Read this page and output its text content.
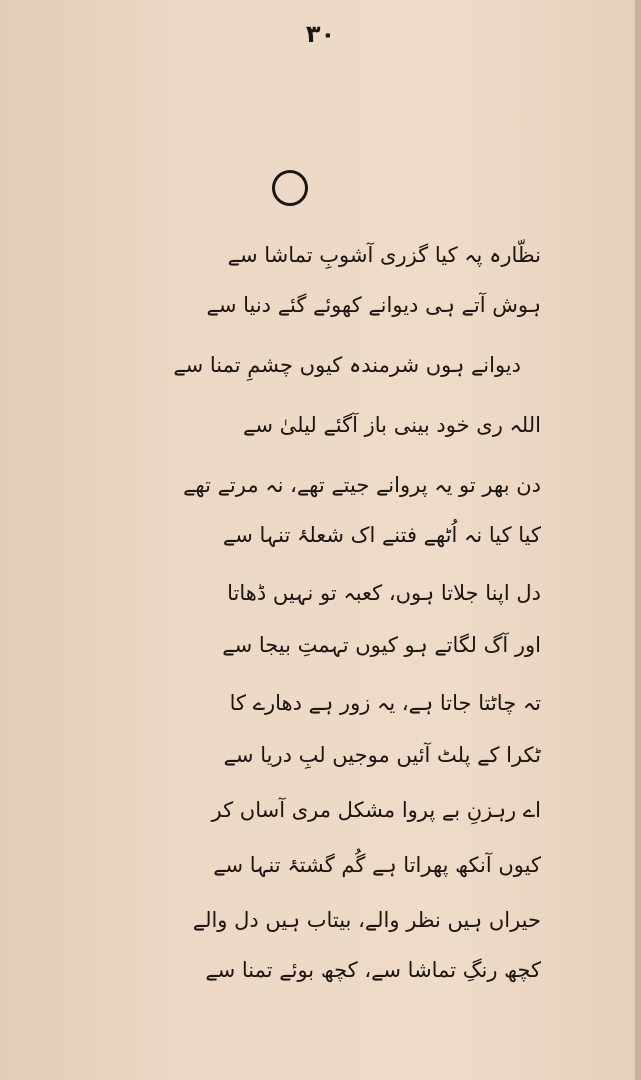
۳۰
نظّارہ پہ کیا گزری آشوبِ تماشا سے
ہوش آتے ہی دیوانے کھوئے گئے دنیا سے
دیوانے ہوں شرمندہ کیوں چشمِ تمنا سے
اللہ ری خود بینی باز آگئے لیلیٰ سے
دن بھر تو یہ پروانے جیتے تھے، نہ مرتے تھے
کیا کیا نہ اُٹھے فتنے اک شعلۂ تنہا سے
دل اپنا جلاتا ہوں، کعبہ تو نہیں ڈھاتا
اور آگ لگاتے ہو کیوں تہمتِ بیجا سے
تہ چاٹتا جاتا ہے، یہ زور ہے دھارے کا
ٹکرا کے پلٹ آئیں موجیں لبِ دریا سے
اے رہزنِ بے پروا مشکل مری آساں کر
کیوں آنکھ پھراتا ہے گُم گشتۂ تنہا سے
حیراں ہیں نظر والے، بیتاب ہیں دل والے
کچھ رنگِ تماشا سے، کچھ بوئے تمنا سے
